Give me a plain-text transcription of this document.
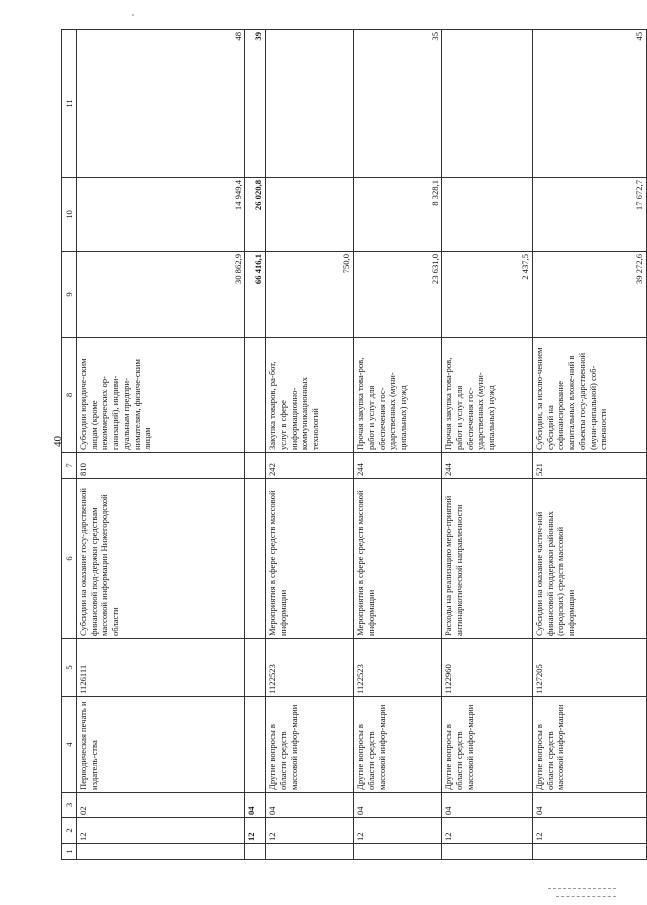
40
1	2	3	4	5	6	7	8	9	10	11
	12	02	Периодическая печать и издатель-ства	1126111	Субсидии на оказание госу-дарственной финансовой под-держки средствам массовой информации Нижегородской области	810	Субсидии юридиче-ским лицам (кроме некоммерческих ор-ганизаций), индиви-дуальным предпри-нимателям, физиче-ским лицам	30 862,9	14 949,4	48
	12	04						66 416,1	26 020,8	39
	12	04	Другие вопросы в области средств массовой инфор-мации	1122523	Мероприятия в сфере средств массовой информации	242	Закупка товаров, ра-бот, услуг в сфере информационно-коммуникационных технологий	750,0		
	12	04	Другие вопросы в области средств массовой инфор-мации	1122523	Мероприятия в сфере средств массовой информации	244	Прочая закупка това-ров, работ и услуг для обеспечения гос-ударственных (муни-ципальных) нужд	23 631,0	8 328,1	35
	12	04	Другие вопросы в области средств массовой инфор-мации	1122960	Расходы на реализацию меро-приятий антинаркотической направленности	244	Прочая закупка това-ров, работ и услуг для обеспечения гос-ударственных (муни-ципальных) нужд	2 437,5		
	12	04	Другие вопросы в области средств массовой инфор-мации	1127205	Субсидии на оказание частич-ной финансовой поддержки районных (городских) средств массовой информации	521	Субсидии, за исклю-чением субсидий на софинансирование капитальных вложе-ний в объекты госу-дарственной (муни-ципальной) соб-ственности	39 272,6	17 672,7	45
